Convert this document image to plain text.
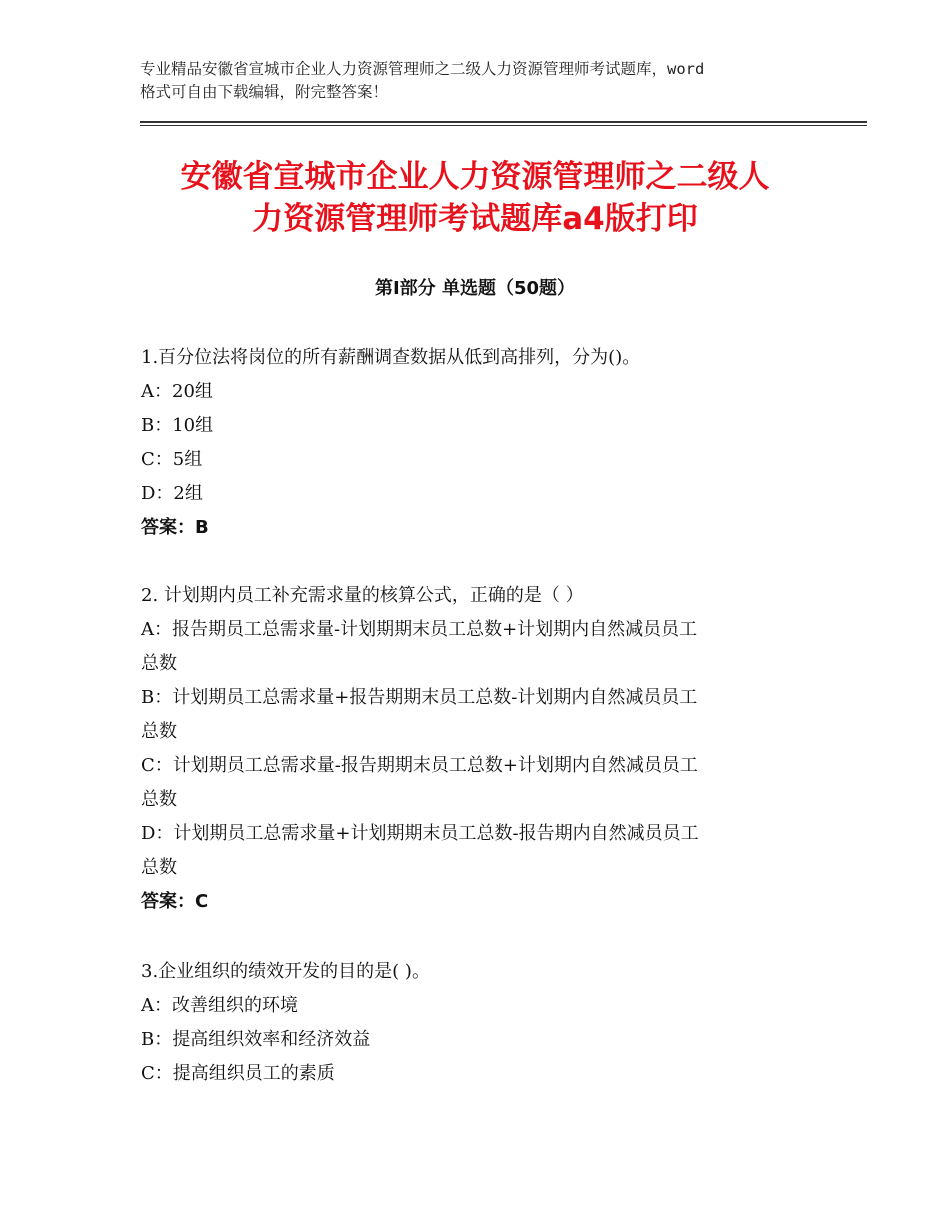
专业精品安徽省宣城市企业人力资源管理师之二级人力资源管理师考试题库，word
格式可自由下载编辑，附完整答案！
安徽省宣城市企业人力资源管理师之二级人
力资源管理师考试题库a4版打印
第Ⅰ部分 单选题（50题）
1.百分位法将岗位的所有薪酬调查数据从低到高排列，分为()。
A：20组
B：10组
C：5组
D：2组
答案：B
2. 计划期内员工补充需求量的核算公式，正确的是（ ）
A：报告期员工总需求量-计划期期末员工总数+计划期内自然减员员工
总数
B：计划期员工总需求量+报告期期末员工总数-计划期内自然减员员工
总数
C：计划期员工总需求量-报告期期末员工总数+计划期内自然减员员工
总数
D：计划期员工总需求量+计划期期末员工总数-报告期内自然减员员工
总数
答案：C
3.企业组织的绩效开发的目的是( )。
A：改善组织的环境
B：提高组织效率和经济效益
C：提高组织员工的素质
